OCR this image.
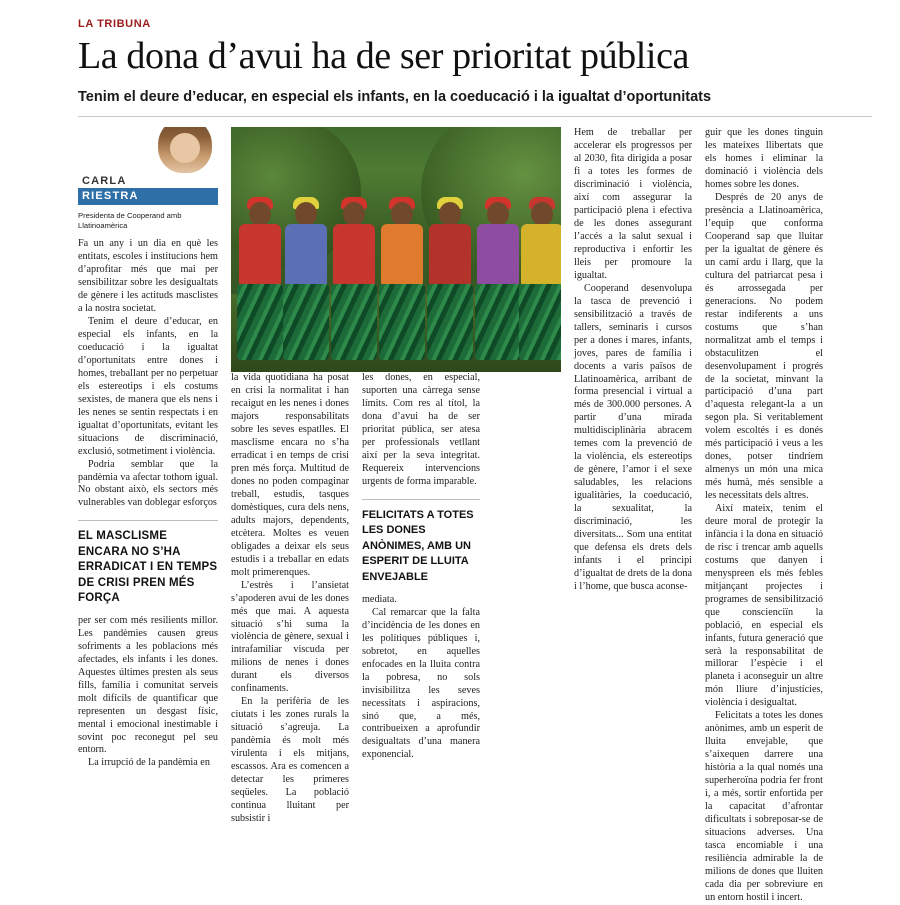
LA TRIBUNA
La dona d’avui ha de ser prioritat pública
Tenim el deure d’educar, en especial els infants, en la coeducació i la igualtat d’oportunitats
CARLA
RIESTRA
Presidenta de Cooperand amb Llatinoamèrica

Fa un any i un dia en què les entitats, escoles i institucions hem d’aprofitar més que mai per sensibilitzar sobre les desigualtats de gènere i les actituds masclistes a la nostra societat.

Tenim el deure d’educar, en especial els infants, en la coeducació i la igualtat d’oportunitats entre dones i homes, treballant per no perpetuar els estereotips i els costums sexistes, de manera que els nens i les nenes se sentin respectats i en igualtat d’oportunitats, evitant les situacions de discriminació, exclusió, sotmetiment i violència.

Podria semblar que la pandèmia va afectar tothom igual. No obstant això, els sectors més vulnerables van doblegar esforços

EL MASCLISME ENCARA NO S’HA ERRADICAT I EN TEMPS DE CRISI PREN MÉS FORÇA

per ser com més resilients millor. Les pandèmies causen greus sofriments a les poblacions més afectades, els infants i les dones. Aquestes últimes presten als seus fills, família i comunitat serveis molt difícils de quantificar que representen un desgast físic, mental i emocional inestimable i sovint poc reconegut pel seu entorn.

La irrupció de la pandèmia en

la vida quotidiana ha posat en crisi la normalitat i han recaigut en les nenes i dones majors responsabilitats sobre les seves espatlles. El masclisme encara no s’ha erradicat i en temps de crisi pren més força. Multitud de dones no poden compaginar treball, estudis, tasques domèstiques, cura dels nens, adults majors, dependents, etcètera. Moltes es veuen obligades a deixar els seus estudis i a treballar en edats molt primerenques.

L’estrès i l’ansietat s’apoderen avui de les dones més que mai. A aquesta situació s’hi suma la violència de gènere, sexual i intrafamiliar viscuda per milions de nenes i dones durant els diversos confinaments.

En la perifèria de les ciutats i les zones rurals la situació s’agreuja. La pandèmia és molt més virulenta i els mitjans, escassos. Ara es comencen a detectar les primeres seqüeles. La població continua lluitant per subsistir i

les dones, en especial, suporten una càrrega sense límits. Com res al títol, la dona d’avui ha de ser prioritat pública, ser atesa per professionals vetllant així per la seva integritat. Requereix intervencions urgents de forma imparable.

FELICITATS A TOTES LES DONES ANÒNIMES, AMB UN ESPERIT DE LLUITA ENVEJABLE

mediata.

Cal remarcar que la falta d’incidència de les dones en les polítiques públiques i, sobretot, en aquelles enfocades en la lluita contra la pobresa, no sols invisibilitza les seves necessitats i aspiracions, sinó que, a més, contribueixen a aprofundir desigualtats d’una manera exponencial.

Hem de treballar per accelerar els progressos per al 2030, fita dirigida a posar fi a totes les formes de discriminació i violència, així com assegurar la participació plena i efectiva de les dones assegurant l’accés a la salut sexual i reproductiva i enfortir les lleis per promoure la igualtat.

Cooperand desenvolupa la tasca de prevenció i sensibilització a través de tallers, seminaris i cursos per a dones i mares, infants, joves, pares de família i docents a varis països de Llatinoamèrica, arribant de forma presencial i virtual a més de 300.000 persones. A partir d’una mirada multidisciplinària abracem temes com la prevenció de la violència, els estereotips de gènere, l’amor i el sexe saludables, les relacions igualitàries, la coeducació, la sexualitat, la discriminació, les diversitats... Som una entitat que defensa els drets dels infants i el principi d’igualtat de drets de la dona i l’home, que busca aconse-

guir que les dones tinguin les mateixes llibertats que els homes i eliminar la dominació i violència dels homes sobre les dones.

Després de 20 anys de presència a Llatinoamèrica, l’equip que conforma Cooperand sap que lluitar per la igualtat de gènere és un camí ardu i llarg, que la cultura del patriarcat pesa i és arrossegada per generacions. No podem restar indiferents a uns costums que s’han normalitzat amb el temps i obstaculitzen el desenvolupament i progrés de la societat, minvant la participació d’una part d’aquesta relegant-la a un segon pla. Si veritablement volem escoltés i es donés més participació i veus a les dones, potser tindríem almenys un món una mica més humà, més sensible a les necessitats dels altres.

Així mateix, tenim el deure moral de protegir la infància i la dona en situació de risc i trencar amb aquells costums que danyen i menyspreen els més febles mitjançant projectes i programes de sensibilització que conscienciïn la població, en especial els infants, futura generació que serà la responsabilitat de millorar l’espècie i el planeta i aconseguir un altre món lliure d’injustícies, violència i desigualtat.

Felicitats a totes les dones anònimes, amb un esperit de lluita envejable, que s’aixequen darrere una història a la qual només una superheroïna podria fer front i, a més, sortir enfortida per la capacitat d’afrontar dificultats i sobreposar-se de situacions adverses. Una tasca encomiable i una resiliència admirable la de milions de dones que lluiten cada dia per sobreviure en un entorn hostil i incert.
